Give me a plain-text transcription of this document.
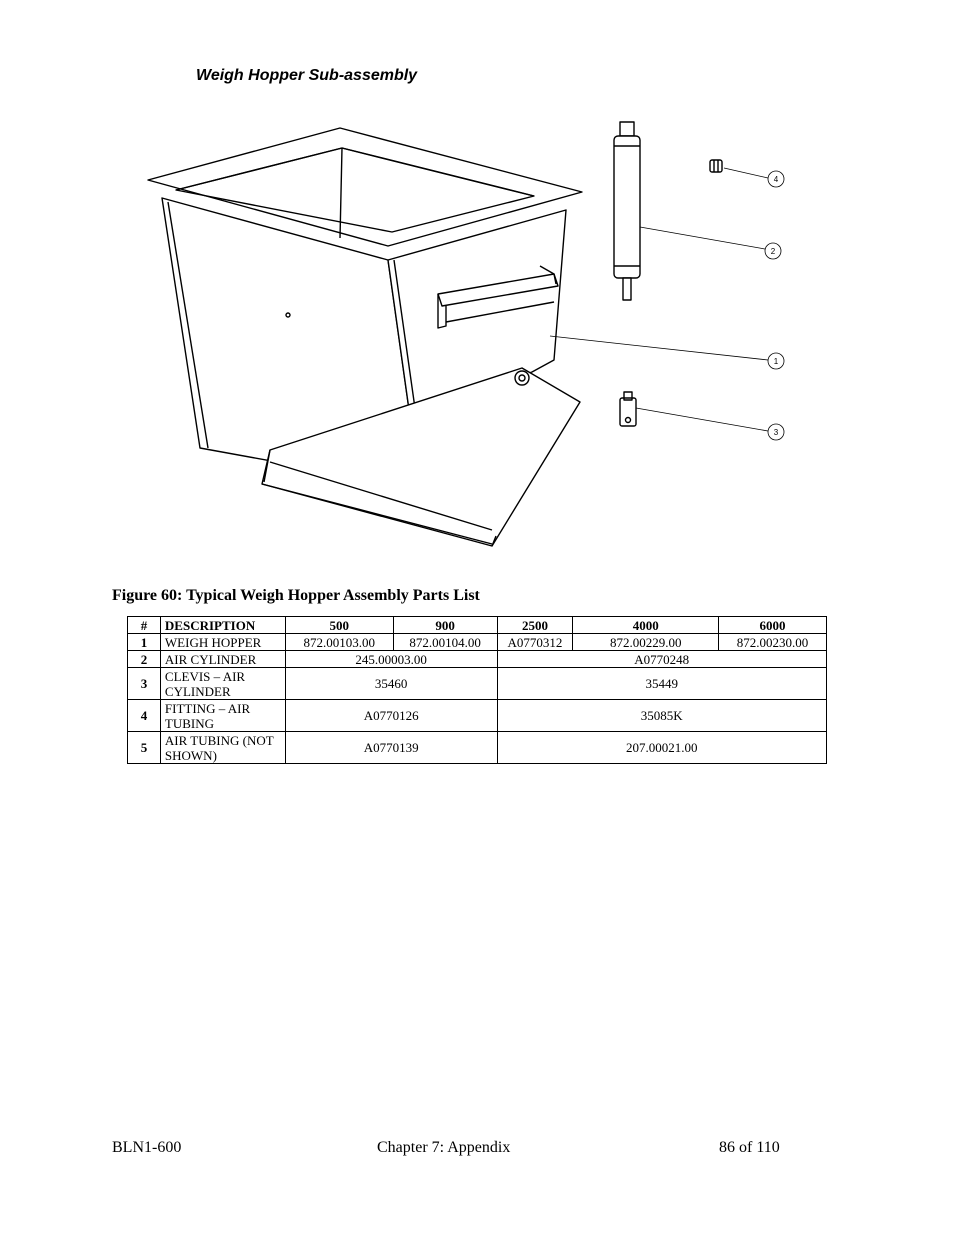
Weigh Hopper Sub-assembly
4
2
1
3
Figure 60: Typical Weigh Hopper Assembly Parts List
#	DESCRIPTION	500	900	2500	4000	6000
1	WEIGH HOPPER	872.00103.00	872.00104.00	A0770312	872.00229.00	872.00230.00
2	AIR CYLINDER	245.00003.00		A0770248		
3	CLEVIS – AIR CYLINDER	35460		35449		
4	FITTING – AIR TUBING	A0770126		35085K		
5	AIR TUBING (NOT SHOWN)	A0770139		207.00021.00		
BLN1-600	Chapter 7: Appendix	86 of 110
